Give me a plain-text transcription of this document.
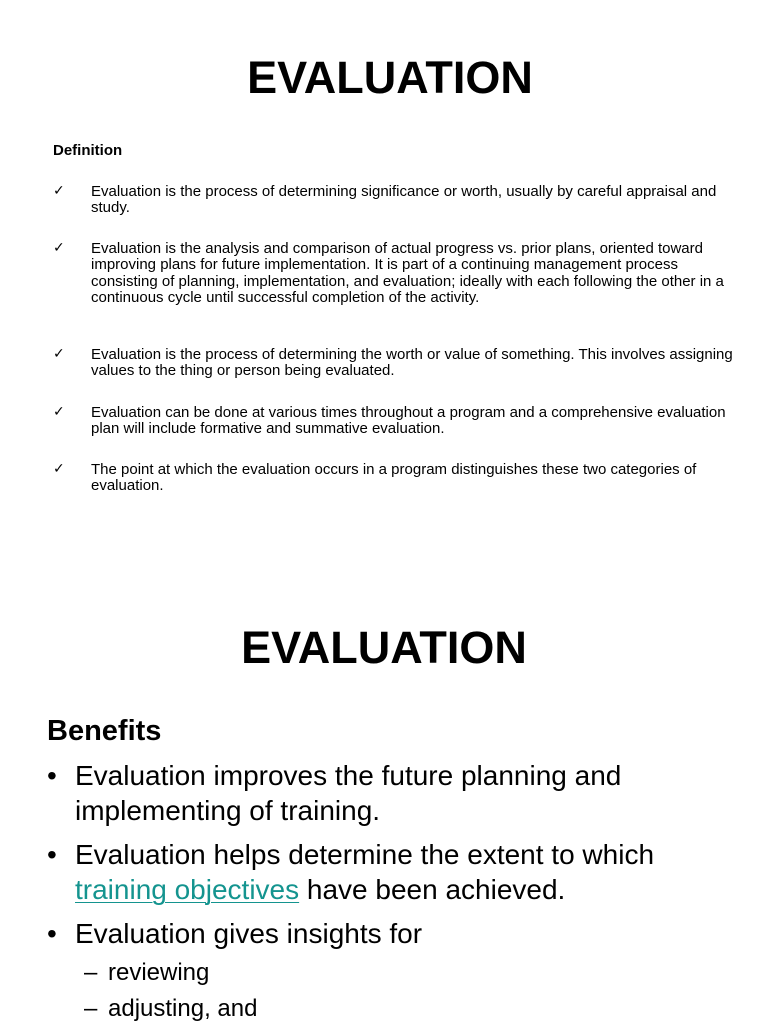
EVALUATION
Definition
✓ Evaluation is the process of determining significance or worth, usually by careful appraisal and study.
✓ Evaluation is the analysis and comparison of actual progress vs. prior plans, oriented toward improving plans for future implementation. It is part of a continuing management process consisting of planning, implementation, and evaluation; ideally with each following the other in a continuous cycle until successful completion of the activity.
✓ Evaluation is the process of determining the worth or value of something. This involves assigning values to the thing or person being evaluated.
✓ Evaluation can be done at various times throughout a program and a comprehensive evaluation plan will include formative and summative evaluation.
✓ The point at which the evaluation occurs in a program distinguishes these two categories of evaluation.
EVALUATION
Benefits
• Evaluation improves the future planning and implementing of training.
• Evaluation helps determine the extent to which training objectives have been achieved.
• Evaluation gives insights for
– reviewing
– adjusting, and
